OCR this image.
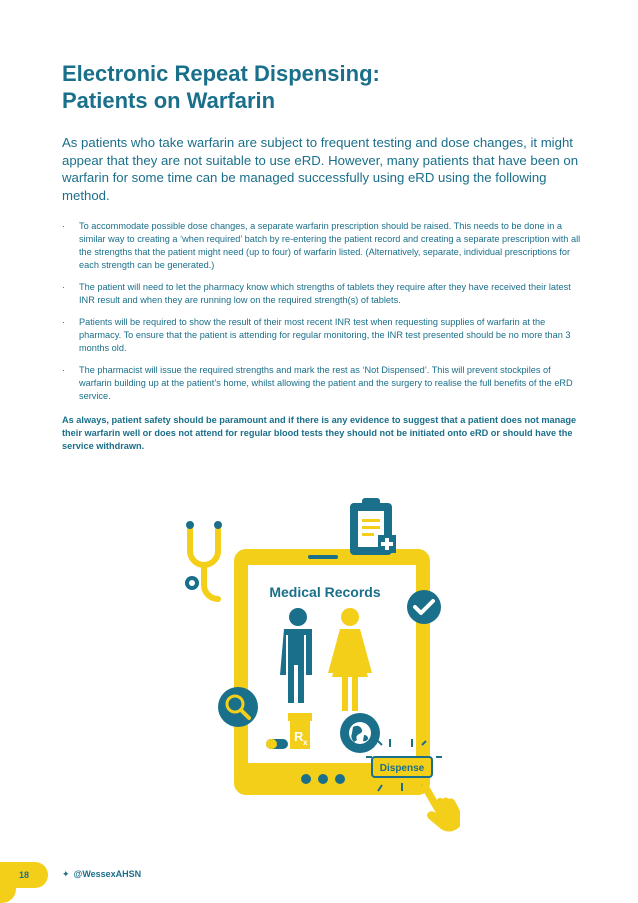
Electronic Repeat Dispensing:
Patients on Warfarin

As patients who take warfarin are subject to frequent testing and dose changes, it might appear that they are not suitable to use eRD. However, many patients that have been on warfarin for some time can be managed successfully using eRD using the following method.

· To accommodate possible dose changes, a separate warfarin prescription should be raised. This needs to be done in a similar way to creating a ‘when required’ batch by re-entering the patient record and creating a separate prescription with all the strengths that the patient might need (up to four) of warfarin listed. (Alternatively, separate, individual prescriptions for each strength can be generated.)
· The patient will need to let the pharmacy know which strengths of tablets they require after they have received their latest INR result and when they are running low on the required strength(s) of tablets.
· Patients will be required to show the result of their most recent INR test when requesting supplies of warfarin at the pharmacy. To ensure that the patient is attending for regular monitoring, the INR test presented should be no more than 3 months old.
· The pharmacist will issue the required strengths and mark the rest as ‘Not Dispensed’. This will prevent stockpiles of warfarin building up at the patient’s home, whilst allowing the patient and the surgery to realise the full benefits of the eRD service.

As always, patient safety should be paramount and if there is any evidence to suggest that a patient does not manage their warfarin well or does not attend for regular blood tests they should not be initiated onto eRD or should have the service withdrawn.

Medical Records
R x
Dispense
18	✦ @WessexAHSN
